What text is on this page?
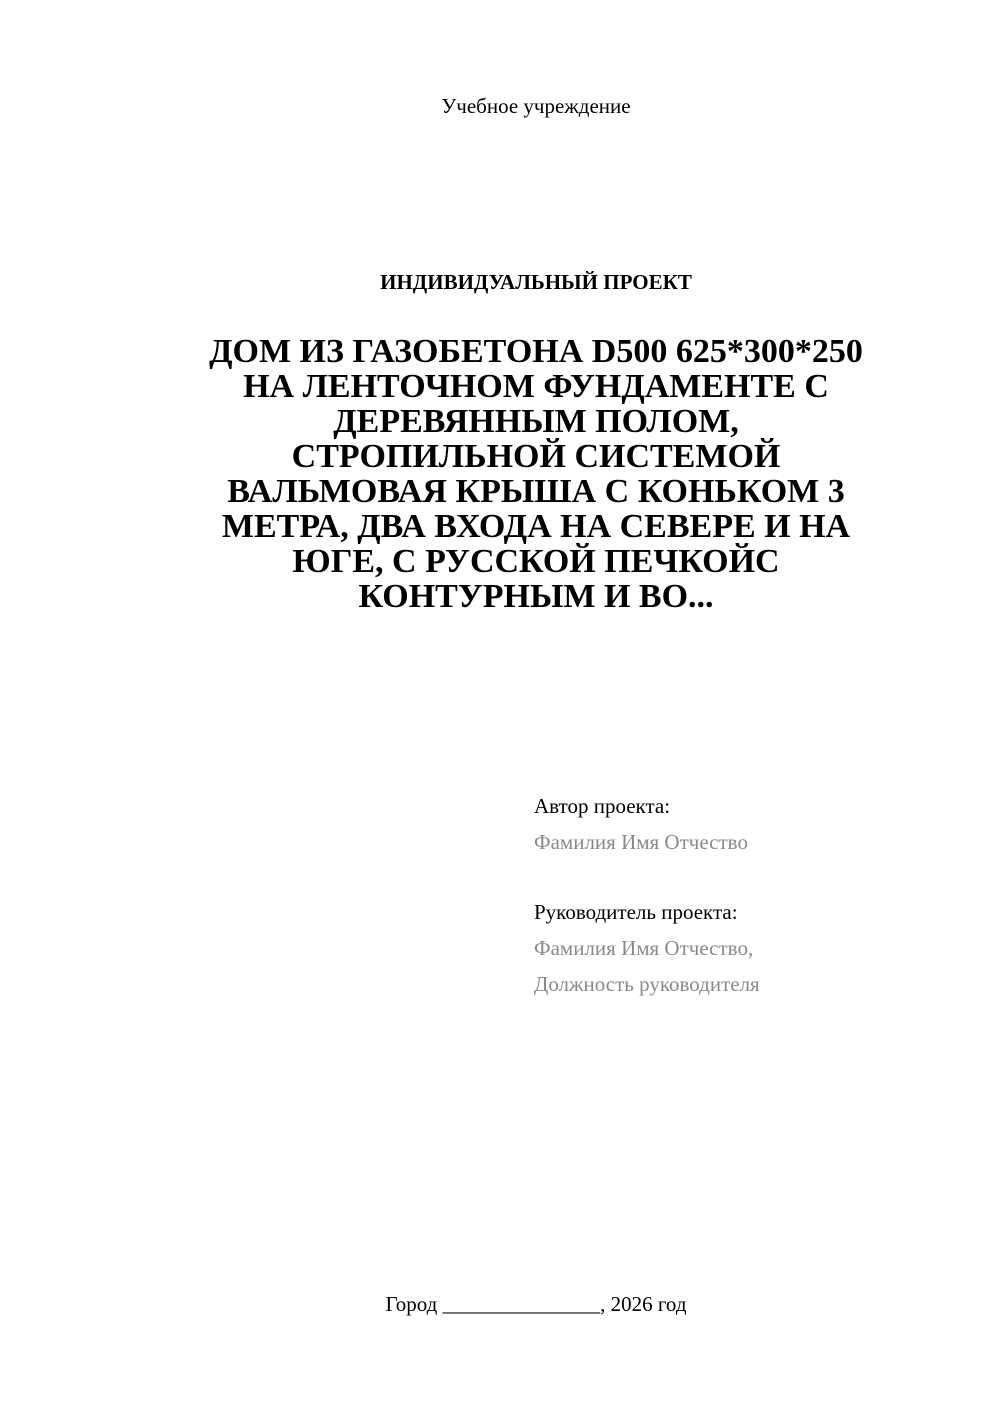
Учебное учреждение
ИНДИВИДУАЛЬНЫЙ ПРОЕКТ
ДОМ ИЗ ГАЗОБЕТОНА D500 625*300*250
НА ЛЕНТОЧНОМ ФУНДАМЕНТЕ С
ДЕРЕВЯННЫМ ПОЛОМ,
СТРОПИЛЬНОЙ СИСТЕМОЙ
ВАЛЬМОВАЯ КРЫША С КОНЬКОМ 3
МЕТРА, ДВА ВХОДА НА СЕВЕРЕ И НА
ЮГЕ, С РУССКОЙ ПЕЧКОЙС
КОНТУРНЫМ И ВО...
Автор проекта:
Фамилия Имя Отчество
Руководитель проекта:
Фамилия Имя Отчество,
Должность руководителя
Город _______________, 2026 год
